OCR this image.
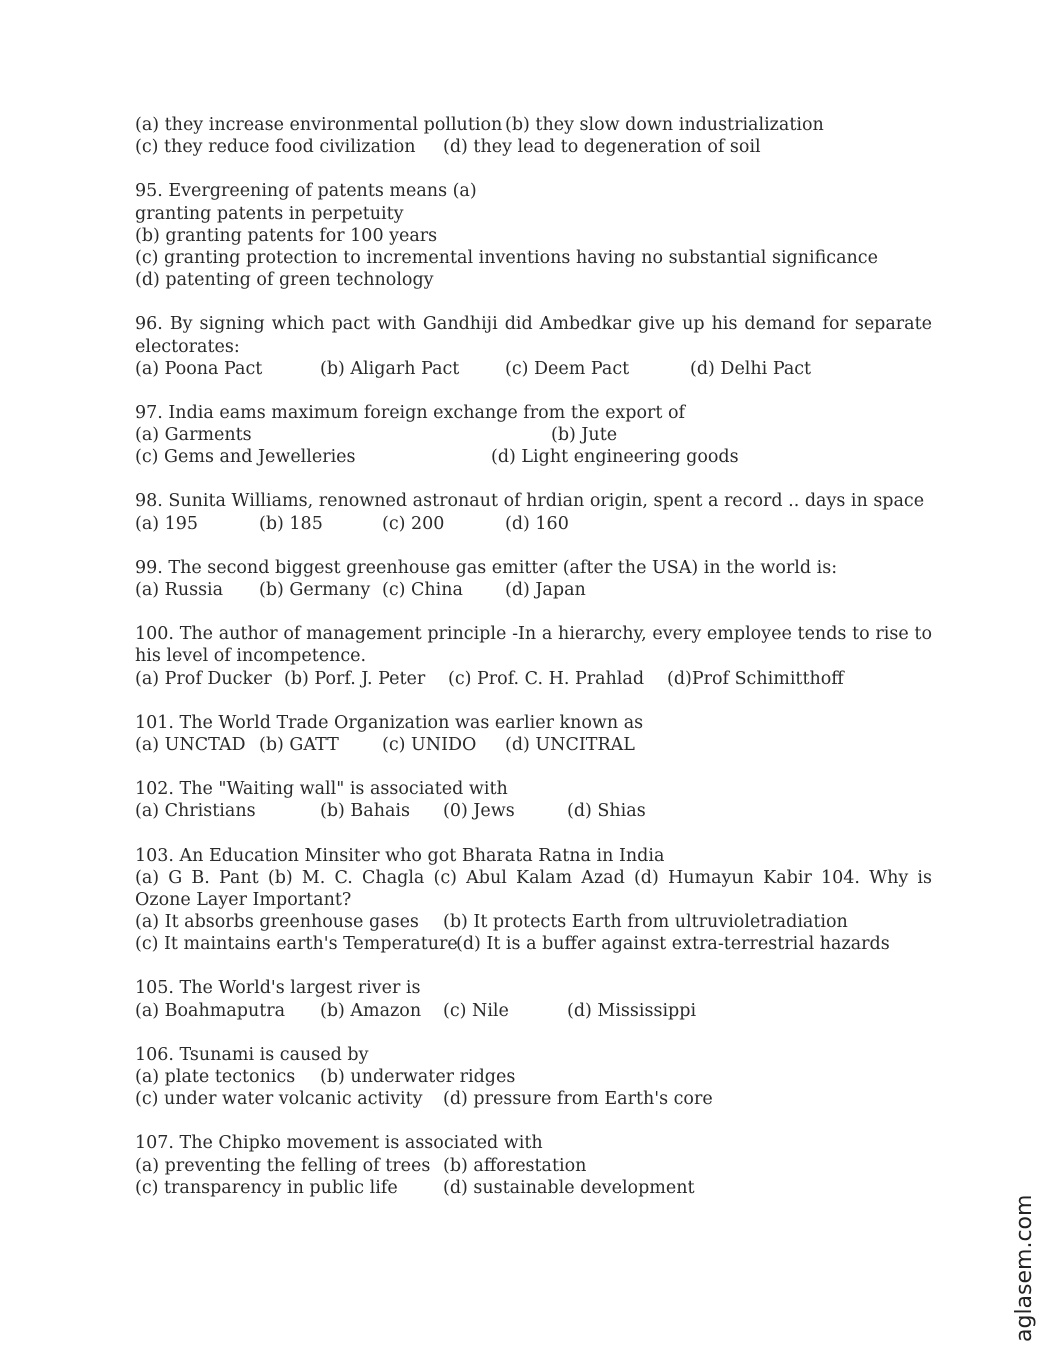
(a) they increase environmental pollution (b) they slow down industrialization
(c) they reduce food civilization (d) they lead to degeneration of soil
95. Evergreening of patents means (a)
granting patents in perpetuity
(b) granting patents for 100 years
(c) granting protection to incremental inventions having no substantial significance
(d) patenting of green technology
96. By signing which pact with Gandhiji did Ambedkar give up his demand for separate
electorates:
(a) Poona Pact	(b) Aligarh Pact	(c) Deem Pact	(d) Delhi Pact
97. India eams maximum foreign exchange from the export of
(a) Garments	(b) Jute
(c) Gems and Jewelleries	(d) Light engineering goods
98. Sunita Williams, renowned astronaut of hrdian origin, spent a record .. days in space
(a) 195	(b) 185	(c) 200	(d) 160
99. The second biggest greenhouse gas emitter (after the USA) in the world is:
(a) Russia (b) Germany (c) China (d) Japan
100. The author of management principle -In a hierarchy, every employee tends to rise to
his level of incompetence.
(a) Prof Ducker (b) Porf. J. Peter (c) Prof. C. H. Prahlad (d)Prof Schimitthoff
101. The World Trade Organization was earlier known as
(a) UNCTAD (b) GATT (c) UNIDO (d) UNCITRAL
102. The "Waiting wall" is associated with
(a) Christians	(b) Bahais (0) Jews	(d) Shias
103. An Education Minsiter who got Bharata Ratna in India
(a) G B. Pant (b) M. C. Chagla (c) Abul Kalam Azad (d) Humayun Kabir 104. Why is
Ozone Layer Important?
(a) It absorbs greenhouse gases (b) It protects Earth from ultruvioletradiation
(c) It maintains earth's Temperature
(d) It is a buffer against extra-terrestrial hazards
105. The World's largest river is
(a) Boahmaputra (b) Amazon (c) Nile	(d) Mississippi
106. Tsunami is caused by
(a) plate tectonics (b) underwater ridges
(c) under water volcanic activity (d) pressure from Earth's core
107. The Chipko movement is associated with
(a) preventing the felling of trees (b) afforestation
(c) transparency in public life	(d) sustainable development
aglasem.com
